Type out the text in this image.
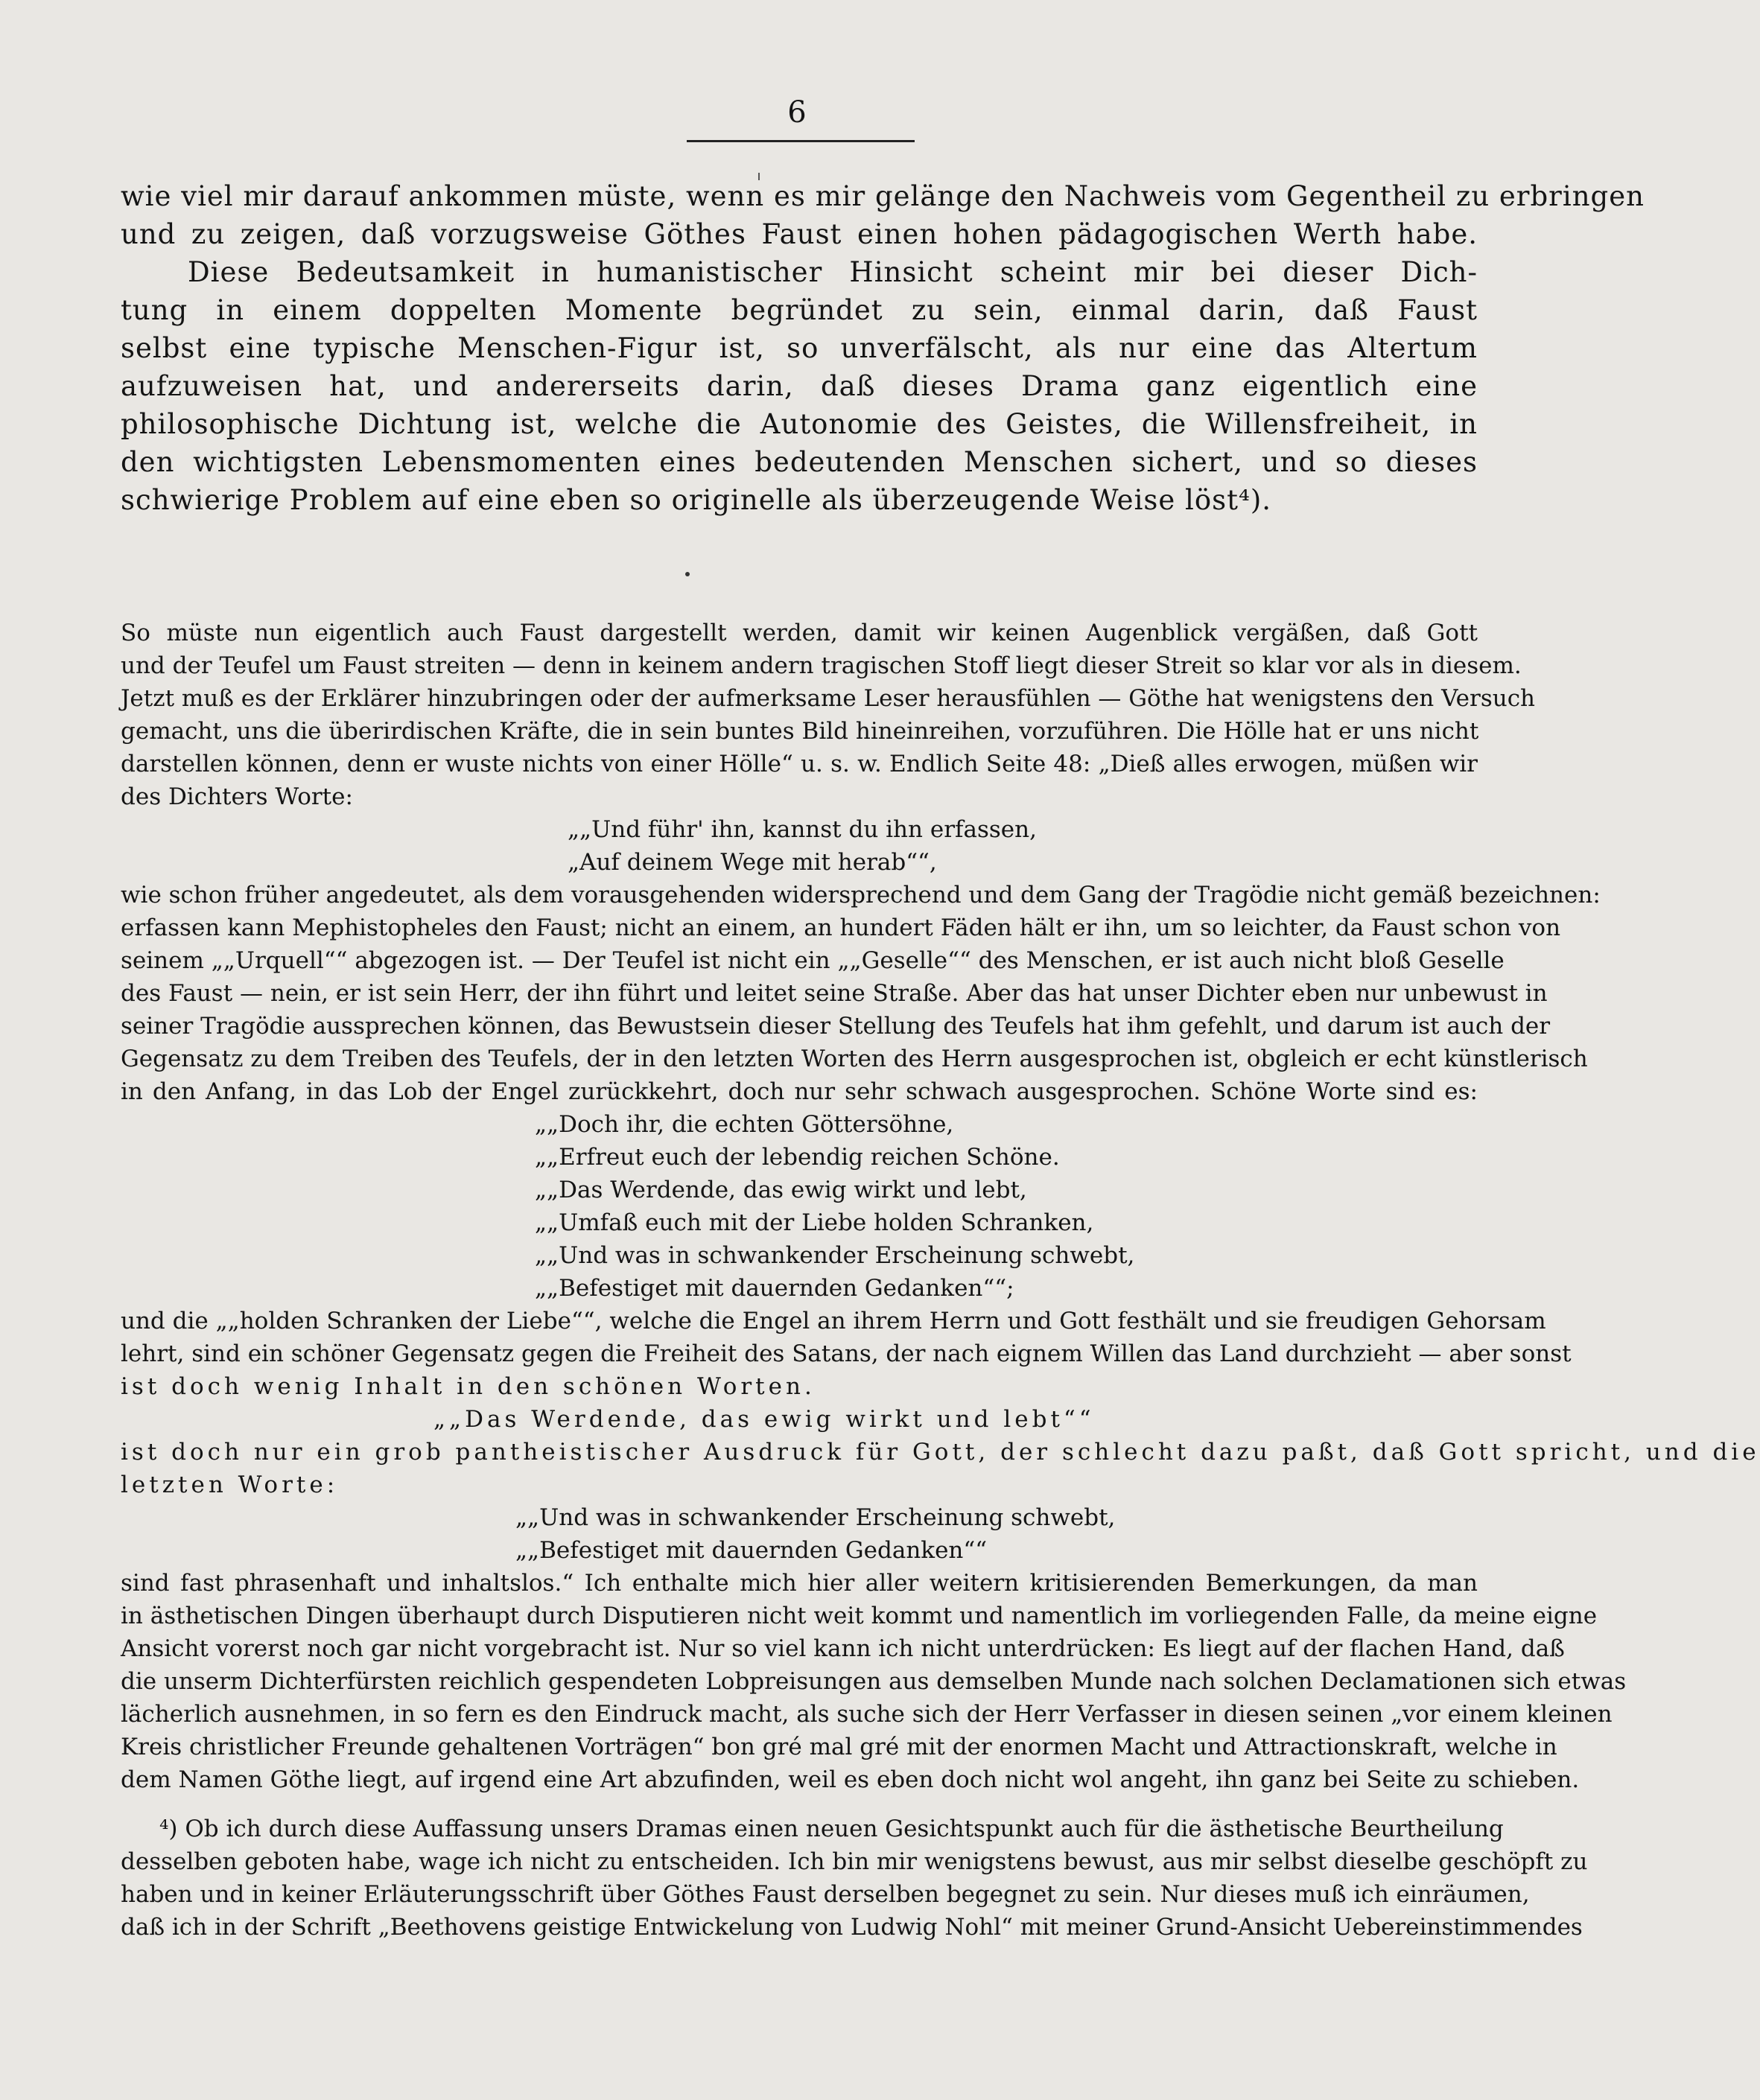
6
wie viel mir darauf ankommen müste, wenn es mir gelänge den Nachweis vom Gegentheil zu erbringen
und zu zeigen, daß vorzugsweise Göthes Faust einen hohen pädagogischen Werth habe.
Diese Bedeutsamkeit in humanistischer Hinsicht scheint mir bei dieser Dich-
tung in einem doppelten Momente begründet zu sein, einmal darin, daß Faust
selbst eine typische Menschen-Figur ist, so unverfälscht, als nur eine das Altertum
aufzuweisen hat, und andererseits darin, daß dieses Drama ganz eigentlich eine
philosophische Dichtung ist, welche die Autonomie des Geistes, die Willensfreiheit, in
den wichtigsten Lebensmomenten eines bedeutenden Menschen sichert, und so dieses
schwierige Problem auf eine eben so originelle als überzeugende Weise löst⁴).
So müste nun eigentlich auch Faust dargestellt werden, damit wir keinen Augenblick vergäßen, daß Gott
und der Teufel um Faust streiten — denn in keinem andern tragischen Stoff liegt dieser Streit so klar vor als in diesem.
Jetzt muß es der Erklärer hinzubringen oder der aufmerksame Leser herausfühlen — Göthe hat wenigstens den Versuch
gemacht, uns die überirdischen Kräfte, die in sein buntes Bild hineinreihen, vorzuführen. Die Hölle hat er uns nicht
darstellen können, denn er wuste nichts von einer Hölle“ u. s. w. Endlich Seite 48: „Dieß alles erwogen, müßen wir
des Dichters Worte:
„„Und führ' ihn, kannst du ihn erfassen,
„Auf deinem Wege mit herab““,
wie schon früher angedeutet, als dem vorausgehenden widersprechend und dem Gang der Tragödie nicht gemäß bezeichnen:
erfassen kann Mephistopheles den Faust; nicht an einem, an hundert Fäden hält er ihn, um so leichter, da Faust schon von
seinem „„Urquell““ abgezogen ist. — Der Teufel ist nicht ein „„Geselle““ des Menschen, er ist auch nicht bloß Geselle
des Faust — nein, er ist sein Herr, der ihn führt und leitet seine Straße. Aber das hat unser Dichter eben nur unbewust in
seiner Tragödie aussprechen können, das Bewustsein dieser Stellung des Teufels hat ihm gefehlt, und darum ist auch der
Gegensatz zu dem Treiben des Teufels, der in den letzten Worten des Herrn ausgesprochen ist, obgleich er echt künstlerisch
in den Anfang, in das Lob der Engel zurückkehrt, doch nur sehr schwach ausgesprochen. Schöne Worte sind es:
„„Doch ihr, die echten Göttersöhne,
„„Erfreut euch der lebendig reichen Schöne.
„„Das Werdende, das ewig wirkt und lebt,
„„Umfaß euch mit der Liebe holden Schranken,
„„Und was in schwankender Erscheinung schwebt,
„„Befestiget mit dauernden Gedanken““;
und die „„holden Schranken der Liebe““, welche die Engel an ihrem Herrn und Gott festhält und sie freudigen Gehorsam
lehrt, sind ein schöner Gegensatz gegen die Freiheit des Satans, der nach eignem Willen das Land durchzieht — aber sonst
ist doch wenig Inhalt in den schönen Worten.
„„Das Werdende, das ewig wirkt und lebt““
ist doch nur ein grob pantheistischer Ausdruck für Gott, der schlecht dazu paßt, daß Gott spricht, und die
letzten Worte:
„„Und was in schwankender Erscheinung schwebt,
„„Befestiget mit dauernden Gedanken““
sind fast phrasenhaft und inhaltslos.“ Ich enthalte mich hier aller weitern kritisierenden Bemerkungen, da man
in ästhetischen Dingen überhaupt durch Disputieren nicht weit kommt und namentlich im vorliegenden Falle, da meine eigne
Ansicht vorerst noch gar nicht vorgebracht ist. Nur so viel kann ich nicht unterdrücken: Es liegt auf der flachen Hand, daß
die unserm Dichterfürsten reichlich gespendeten Lobpreisungen aus demselben Munde nach solchen Declamationen sich etwas
lächerlich ausnehmen, in so fern es den Eindruck macht, als suche sich der Herr Verfasser in diesen seinen „vor einem kleinen
Kreis christlicher Freunde gehaltenen Vorträgen“ bon gré mal gré mit der enormen Macht und Attractionskraft, welche in
dem Namen Göthe liegt, auf irgend eine Art abzufinden, weil es eben doch nicht wol angeht, ihn ganz bei Seite zu schieben.
⁴) Ob ich durch diese Auffassung unsers Dramas einen neuen Gesichtspunkt auch für die ästhetische Beurtheilung
desselben geboten habe, wage ich nicht zu entscheiden. Ich bin mir wenigstens bewust, aus mir selbst dieselbe geschöpft zu
haben und in keiner Erläuterungsschrift über Göthes Faust derselben begegnet zu sein. Nur dieses muß ich einräumen,
daß ich in der Schrift „Beethovens geistige Entwickelung von Ludwig Nohl“ mit meiner Grund-Ansicht Uebereinstimmendes
